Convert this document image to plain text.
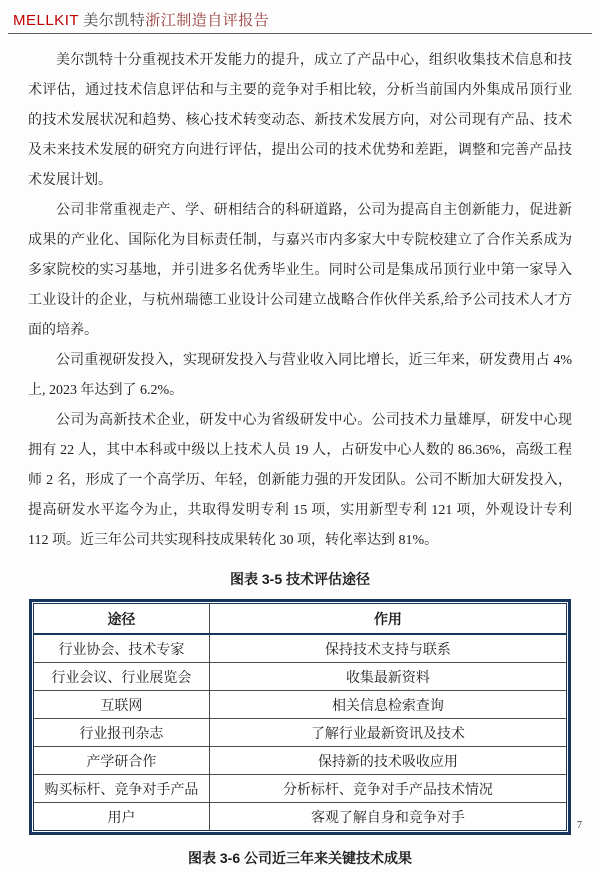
MELLKIT 美尔凯特浙江制造自评报告

美尔凯特十分重视技术开发能力的提升，成立了产品中心，组织收集技术信息和技术评估，通过技术信息评估和与主要的竞争对手相比较，分析当前国内外集成吊顶行业的技术发展状况和趋势、核心技术转变动态、新技术发展方向，对公司现有产品、技术及未来技术发展的研究方向进行评估，提出公司的技术优势和差距，调整和完善产品技术发展计划。

公司非常重视走产、学、研相结合的科研道路，公司为提高自主创新能力，促进新成果的产业化、国际化为目标责任制，与嘉兴市内多家大中专院校建立了合作关系成为多家院校的实习基地，并引进多名优秀毕业生。同时公司是集成吊顶行业中第一家导入工业设计的企业，与杭州瑞德工业设计公司建立战略合作伙伴关系,给予公司技术人才方面的培养。

公司重视研发投入，实现研发投入与营业收入同比增长，近三年来，研发费用占 4%上, 2023 年达到了 6.2%。

公司为高新技术企业，研发中心为省级研发中心。公司技术力量雄厚，研发中心现拥有 22 人，其中本科或中级以上技术人员 19 人，占研发中心人数的 86.36%，高级工程师 2 名，形成了一个高学历、年轻，创新能力强的开发团队。公司不断加大研发投入，提高研发水平迄今为止，共取得发明专利 15 项，实用新型专利 121 项，外观设计专利 112 项。近三年公司共实现科技成果转化 30 项，转化率达到 81%。

图表 3-5 技术评估途径

途径	作用
行业协会、技术专家	保持技术支持与联系
行业会议、行业展览会	收集最新资料
互联网	相关信息检索查询
行业报刊杂志	了解行业最新资讯及技术
产学研合作	保持新的技术吸收应用
购买标杆、竞争对手产品	分析标杆、竞争对手产品技术情况
用户	客观了解自身和竞争对手

图表 3-6 公司近三年来关键技术成果

7
